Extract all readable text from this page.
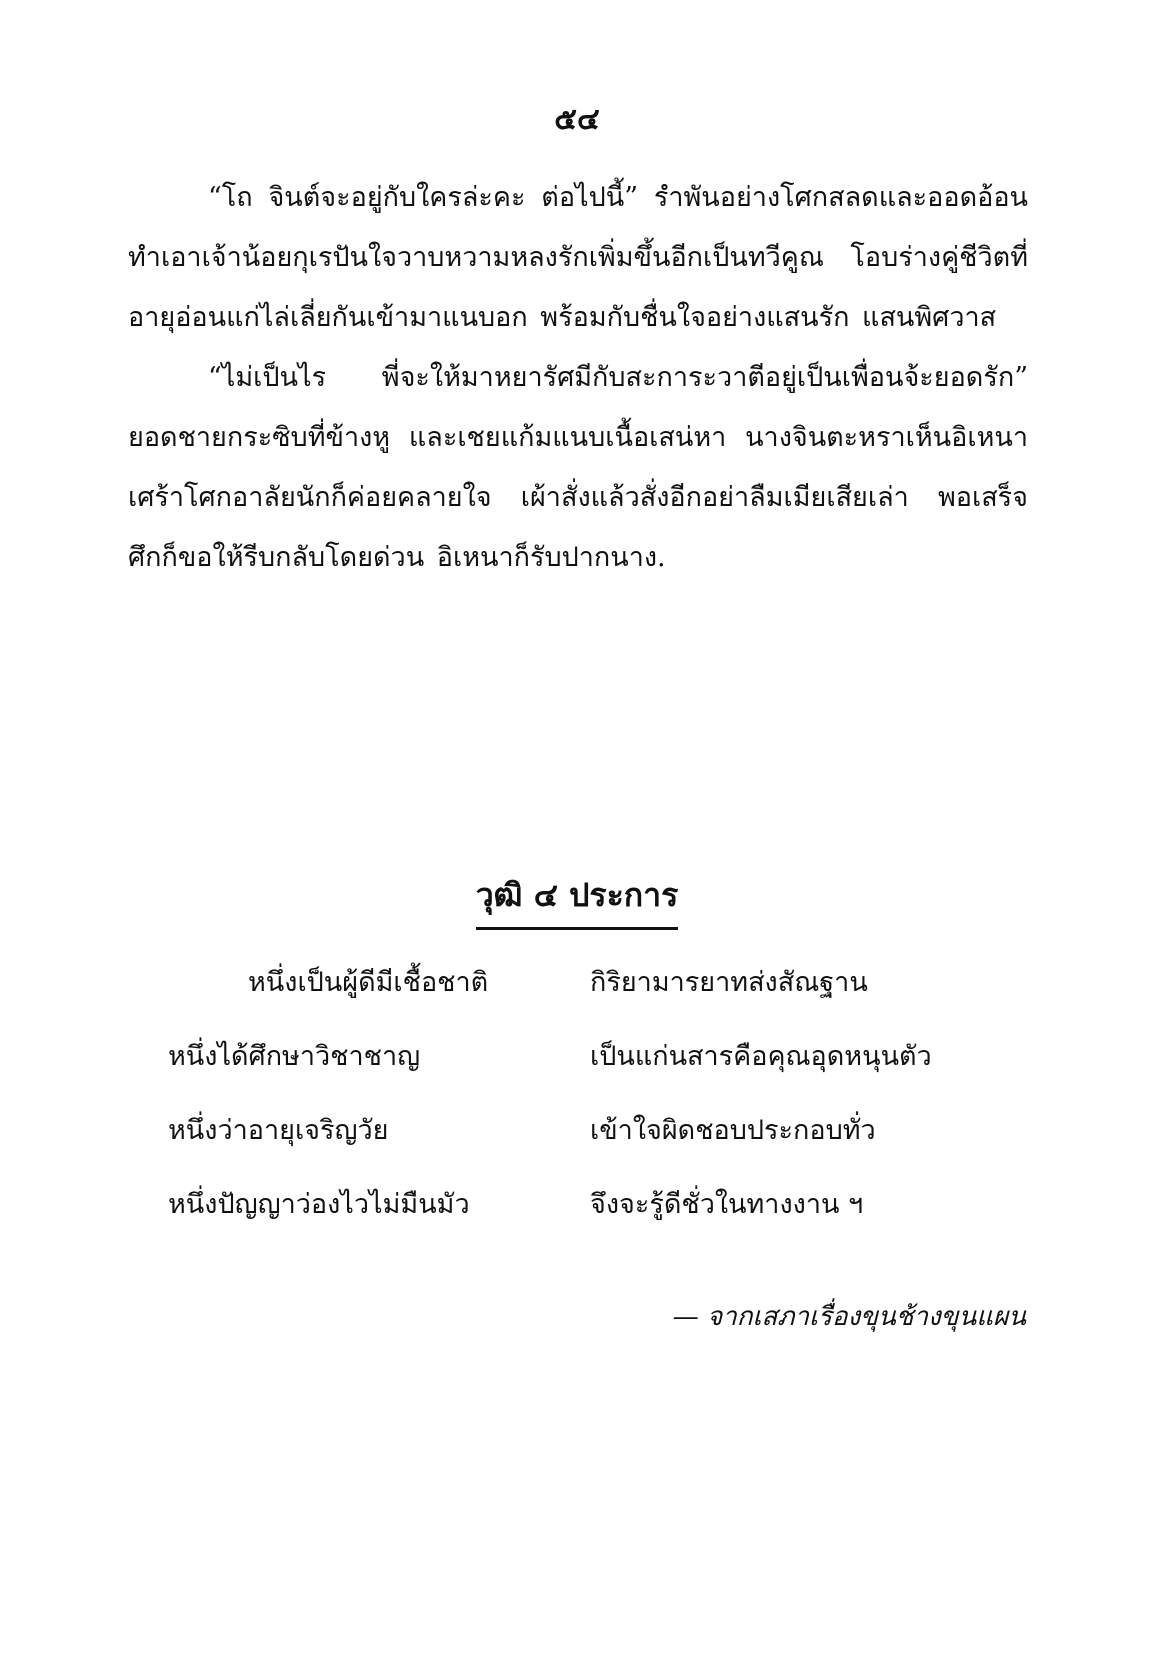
๕๔

“โถ จินต์จะอยู่กับใครล่ะคะ ต่อไปนี้” รำพันอย่างโศกสลดและออดอ้อน ทำเอาเจ้าน้อยกุเรปันใจวาบหวามหลงรักเพิ่มขึ้นอีกเป็นทวีคูณ โอบร่างคู่ชีวิตที่อายุอ่อนแก่ไล่เลี่ยกันเข้ามาแนบอก พร้อมกับชื่นใจอย่างแสนรัก แสนพิศวาส

“ไม่เป็นไร พี่จะให้มาหยารัศมีกับสะการะวาตีอยู่เป็นเพื่อนจ้ะยอดรัก” ยอดชายกระซิบที่ข้างหู และเชยแก้มแนบเนื้อเสน่หา นางจินตะหราเห็นอิเหนาเศร้าโศกอาลัยนักก็ค่อยคลายใจ เผ้าสั่งแล้วสั่งอีกอย่าลืมเมียเสียเล่า พอเสร็จศึกก็ขอให้รีบกลับโดยด่วน อิเหนาก็รับปากนาง.

วุฒิ ๔ ประการ
หนึ่งเป็นผู้ดีมีเชื้อชาติ	กิริยามารยาทส่งสัณฐาน
หนึ่งได้ศึกษาวิชาชาญ	เป็นแก่นสารคือคุณอุดหนุนตัว
หนึ่งว่าอายุเจริญวัย	เข้าใจผิดชอบประกอบทั่ว
หนึ่งปัญญาว่องไวไม่มืนมัว	จึงจะรู้ดีชั่วในทางงาน ฯ
— จากเสภาเรื่องขุนช้างขุนแผน
